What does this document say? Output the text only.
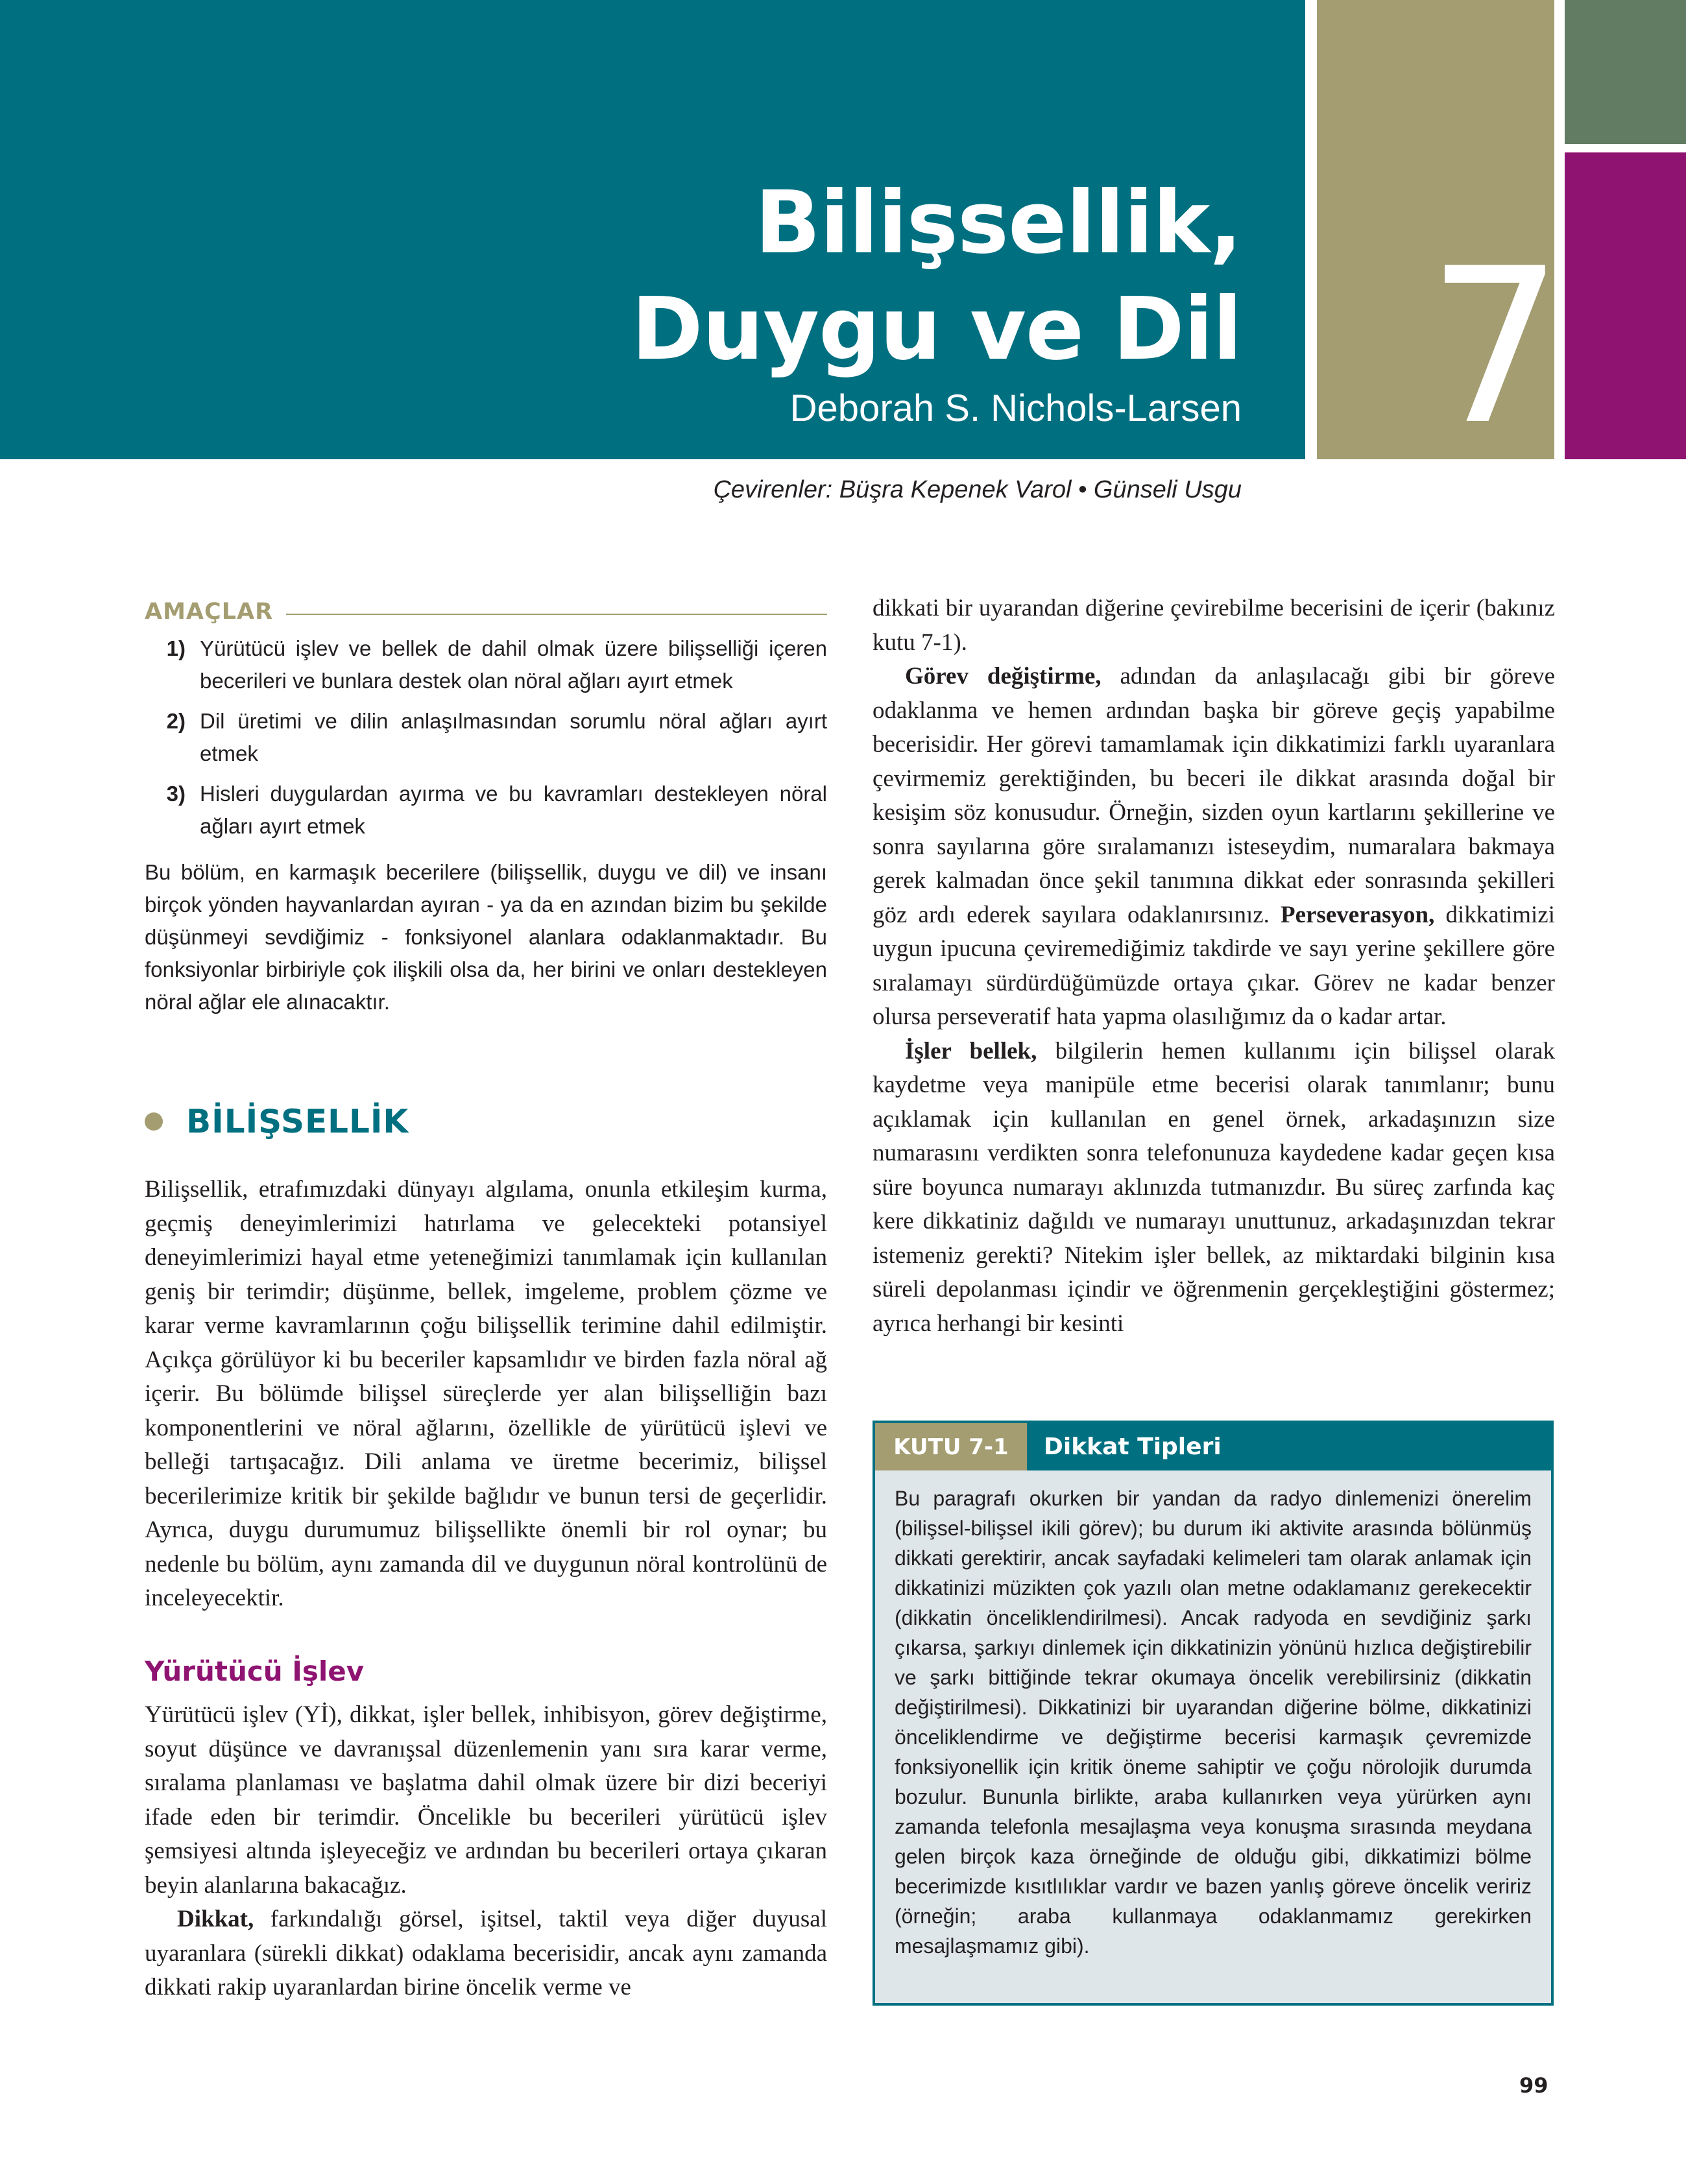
Bilişsellik,
Duygu ve Dil
Deborah S. Nichols-Larsen 7
Çevirenler: Büşra Kepenek Varol • Günseli Usgu
AMAÇLAR
1) Yürütücü işlev ve bellek de dahil olmak üzere bilişselliği içeren becerileri ve bunlara destek olan nöral ağları ayırt etmek
2) Dil üretimi ve dilin anlaşılmasından sorumlu nöral ağları ayırt etmek
3) Hisleri duygulardan ayırma ve bu kavramları destekleyen nöral ağları ayırt etmek

Bu bölüm, en karmaşık becerilere (bilişsellik, duygu ve dil) ve insanı birçok yönden hayvanlardan ayıran - ya da en azından bizim bu şekilde düşünmeyi sevdiğimiz - fonksiyonel alanlara odaklanmaktadır. Bu fonksiyonlar birbiriyle çok ilişkili olsa da, her birini ve onları destekleyen nöral ağlar ele alınacaktır.

BİLİŞSELLİK

Bilişsellik, etrafımızdaki dünyayı algılama, onunla etkileşim kurma, geçmiş deneyimlerimizi hatırlama ve gelecekteki potansiyel deneyimlerimizi hayal etme yeteneğimizi tanımlamak için kullanılan geniş bir terimdir; düşünme, bellek, imgeleme, problem çözme ve karar verme kavramlarının çoğu bilişsellik terimine dahil edilmiştir. Açıkça görülüyor ki bu beceriler kapsamlıdır ve birden fazla nöral ağ içerir. Bu bölümde bilişsel süreçlerde yer alan bilişselliğin bazı komponentlerini ve nöral ağlarını, özellikle de yürütücü işlevi ve belleği tartışacağız. Dili anlama ve üretme becerimiz, bilişsel becerilerimize kritik bir şekilde bağlıdır ve bunun tersi de geçerlidir. Ayrıca, duygu durumumuz bilişsellikte önemli bir rol oynar; bu nedenle bu bölüm, aynı zamanda dil ve duygunun nöral kontrolünü de inceleyecektir.

Yürütücü İşlev

Yürütücü işlev (Yİ), dikkat, işler bellek, inhibisyon, görev değiştirme, soyut düşünce ve davranışsal düzenlemenin yanı sıra karar verme, sıralama planlaması ve başlatma dahil olmak üzere bir dizi beceriyi ifade eden bir terimdir. Öncelikle bu becerileri yürütücü işlev şemsiyesi altında işleyeceğiz ve ardından bu becerileri ortaya çıkaran beyin alanlarına bakacağız.

Dikkat, farkındalığı görsel, işitsel, taktil veya diğer duyusal uyaranlara (sürekli dikkat) odaklama becerisidir, ancak aynı zamanda dikkati rakip uyaranlardan birine öncelik verme ve

dikkati bir uyarandan diğerine çevirebilme becerisini de içerir (bakınız kutu 7-1).

Görev değiştirme, adından da anlaşılacağı gibi bir göreve odaklanma ve hemen ardından başka bir göreve geçiş yapabilme becerisidir. Her görevi tamamlamak için dikkatimizi farklı uyaranlara çevirmemiz gerektiğinden, bu beceri ile dikkat arasında doğal bir kesişim söz konusudur. Örneğin, sizden oyun kartlarını şekillerine ve sonra sayılarına göre sıralamanızı isteseydim, numaralara bakmaya gerek kalmadan önce şekil tanımına dikkat eder sonrasında şekilleri göz ardı ederek sayılara odaklanırsınız. Perseverasyon, dikkatimizi uygun ipucuna çeviremediğimiz takdirde ve sayı yerine şekillere göre sıralamayı sürdürdüğümüzde ortaya çıkar. Görev ne kadar benzer olursa perseveratif hata yapma olasılığımız da o kadar artar.

İşler bellek, bilgilerin hemen kullanımı için bilişsel olarak kaydetme veya manipüle etme becerisi olarak tanımlanır; bunu açıklamak için kullanılan en genel örnek, arkadaşınızın size numarasını verdikten sonra telefonunuza kaydedene kadar geçen kısa süre boyunca numarayı aklınızda tutmanızdır. Bu süreç zarfında kaç kere dikkatiniz dağıldı ve numarayı unuttunuz, arkadaşınızdan tekrar istemeniz gerekti? Nitekim işler bellek, az miktardaki bilginin kısa süreli depolanması içindir ve öğrenmenin gerçekleştiğini göstermez; ayrıca herhangi bir kesinti

KUTU 7-1	Dikkat Tipleri

Bu paragrafı okurken bir yandan da radyo dinlemenizi önerelim (bilişsel-bilişsel ikili görev); bu durum iki aktivite arasında bölünmüş dikkati gerektirir, ancak sayfadaki kelimeleri tam olarak anlamak için dikkatinizi müzikten çok yazılı olan metne odaklamanız gerekecektir (dikkatin önceliklendirilmesi). Ancak radyoda en sevdiğiniz şarkı çıkarsa, şarkıyı dinlemek için dikkatinizin yönünü hızlıca değiştirebilir ve şarkı bittiğinde tekrar okumaya öncelik verebilirsiniz (dikkatin değiştirilmesi). Dikkatinizi bir uyarandan diğerine bölme, dikkatinizi önceliklendirme ve değiştirme becerisi karmaşık çevremizde fonksiyonellik için kritik öneme sahiptir ve çoğu nörolojik durumda bozulur. Bununla birlikte, araba kullanırken veya yürürken aynı zamanda telefonla mesajlaşma veya konuşma sırasında meydana gelen birçok kaza örneğinde de olduğu gibi, dikkatimizi bölme becerimizde kısıtlılıklar vardır ve bazen yanlış göreve öncelik veririz (örneğin; araba kullanmaya odaklanmamız gerekirken mesajlaşmamız gibi).

99
